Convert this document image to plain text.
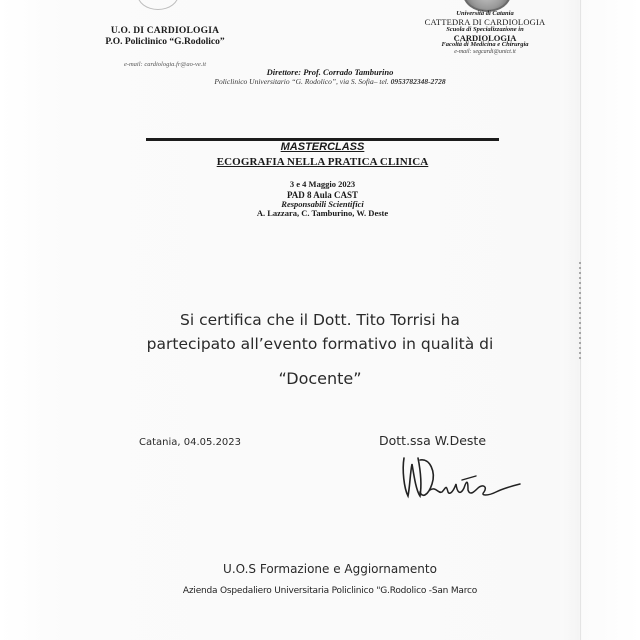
U.O. DI CARDIOLOGIA
P.O. Policlinico “G.Rodolico”
e-mail: cardiologia.fr@ao-ve.it
Università di Catania
CATTEDRA DI CARDIOLOGIA
Scuola di Specializzazione in
CARDIOLOGIA
Facoltà di Medicina e Chirurgia
e-mail: segcardi@unict.it
Direttore: Prof. Corrado Tamburino
Policlinico Universitario “G. Rodolico”, via S. Sofia– tel. 0953782348-2728
MASTERCLASS
ECOGRAFIA NELLA PRATICA CLINICA
3 e 4 Maggio 2023
PAD 8 Aula CAST
Responsabili Scientifici
A. Lazzara, C. Tamburino, W. Deste
Si certifica che il Dott. Tito Torrisi ha
partecipato all’evento formativo in qualità di
“Docente”
Catania, 04.05.2023	Dott.ssa W.Deste
U.O.S Formazione e Aggiornamento
Azienda Ospedaliero Universitaria Policlinico "G.Rodolico -San Marco
